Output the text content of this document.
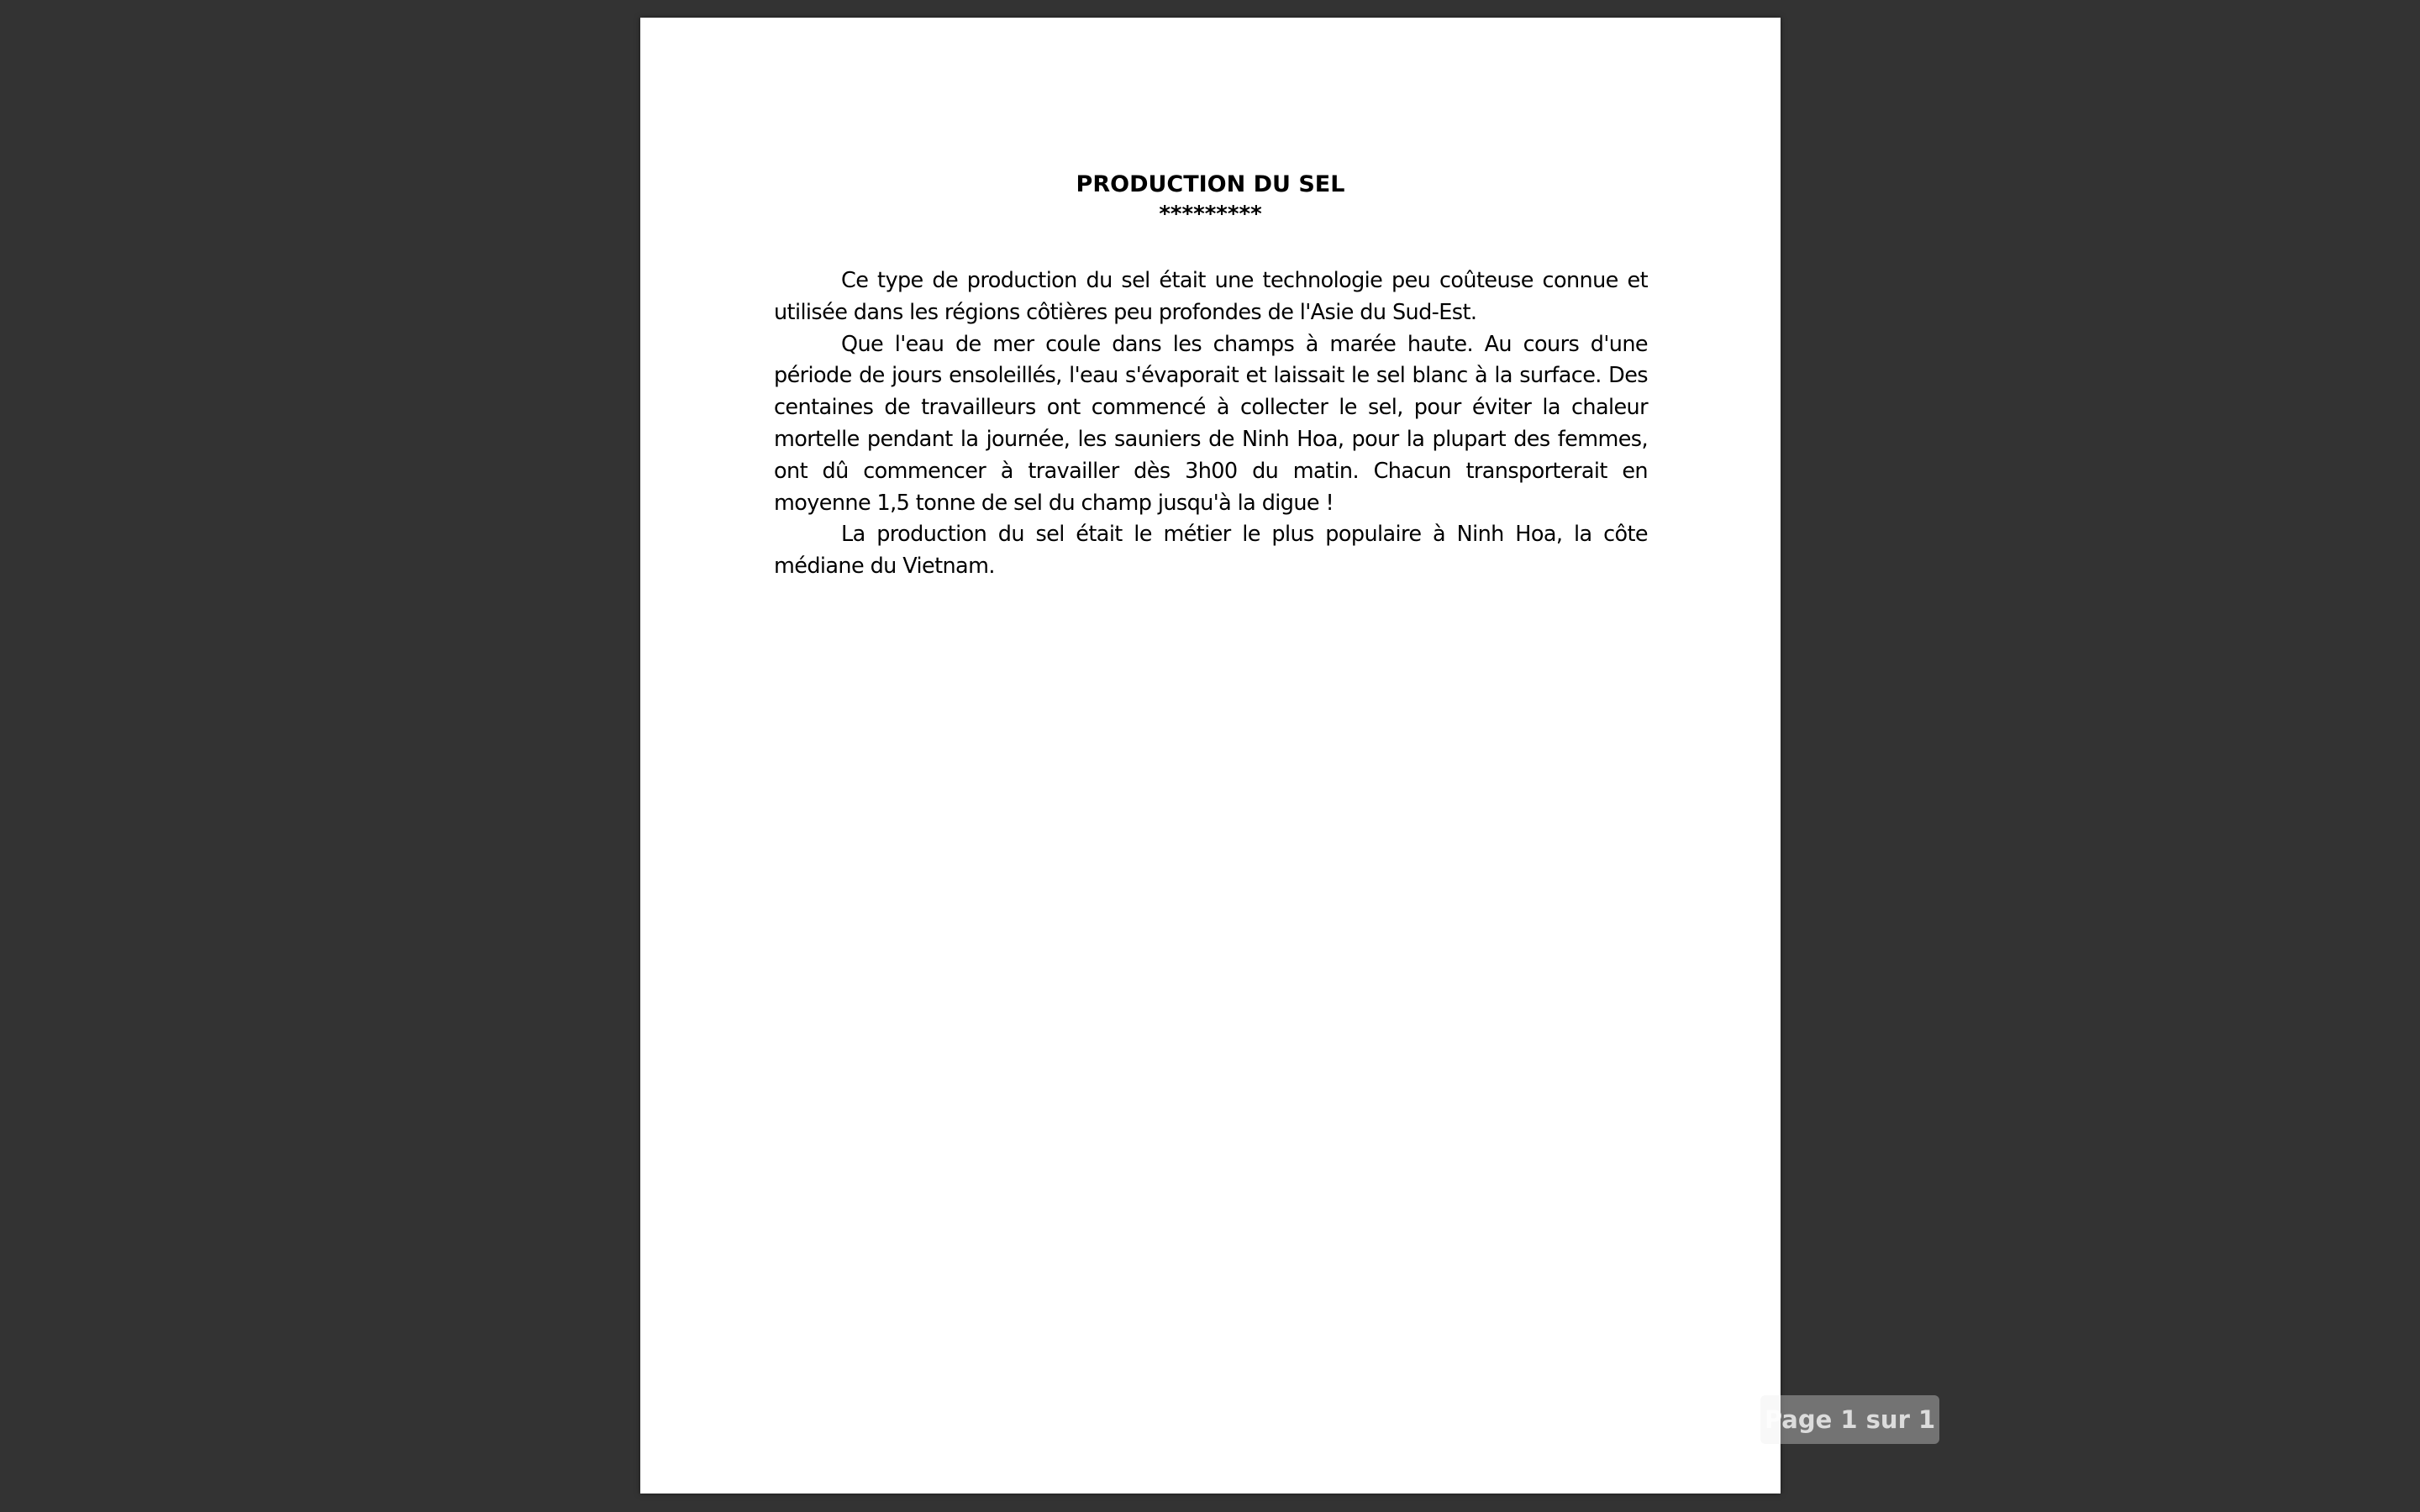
PRODUCTION DU SEL
*********

Ce type de production du sel était une technologie peu coûteuse connue et utilisée dans les régions côtières peu profondes de l'Asie du Sud-Est.

Que l'eau de mer coule dans les champs à marée haute. Au cours d'une période de jours ensoleillés, l'eau s'évaporait et laissait le sel blanc à la surface. Des centaines de travailleurs ont commencé à collecter le sel, pour éviter la chaleur mortelle pendant la journée, les sauniers de Ninh Hoa, pour la plupart des femmes, ont dû commencer à travailler dès 3h00 du matin. Chacun transporterait en moyenne 1,5 tonne de sel du champ jusqu'à la digue !

La production du sel était le métier le plus populaire à Ninh Hoa, la côte médiane du Vietnam.

Page 1 sur 1
